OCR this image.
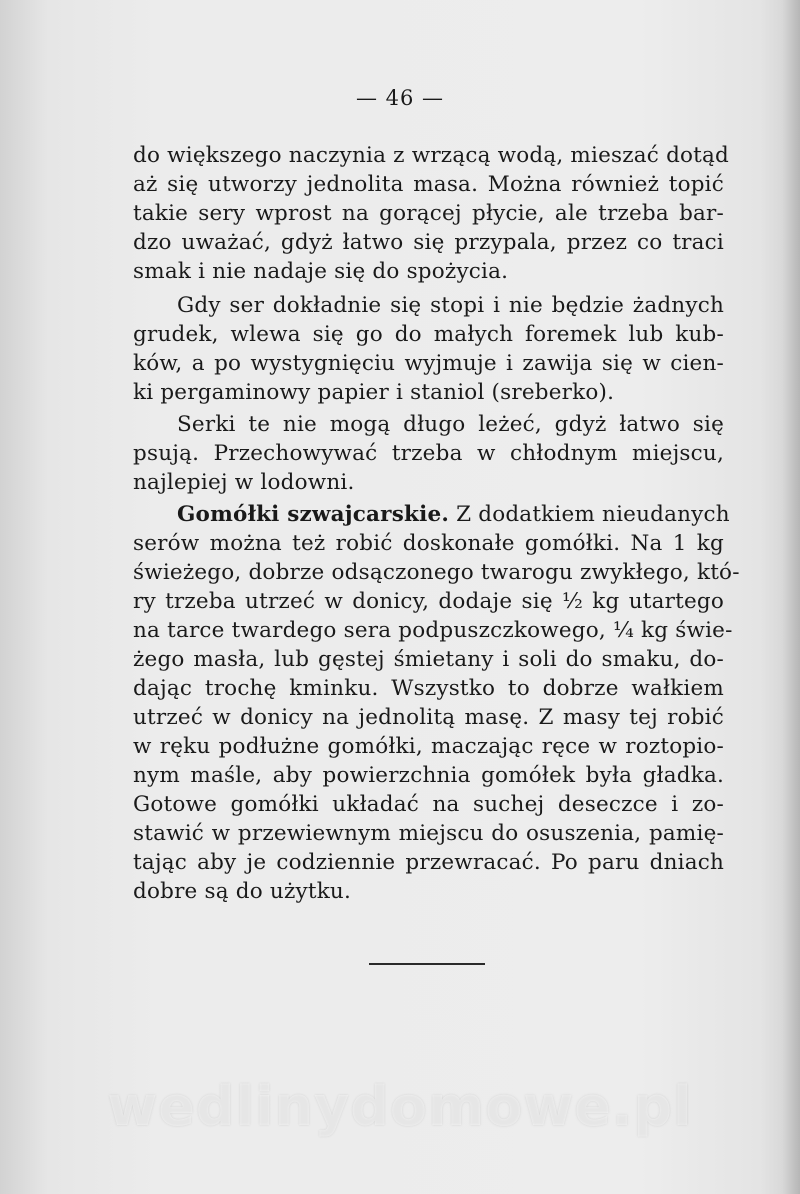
— 46 —
do większego naczynia z wrzącą wodą, mieszać dotąd
aż się utworzy jednolita masa. Można również topić
takie sery wprost na gorącej płycie, ale trzeba bar-
dzo uważać, gdyż łatwo się przypala, przez co traci
smak i nie nadaje się do spożycia.
Gdy ser dokładnie się stopi i nie będzie żadnych
grudek, wlewa się go do małych foremek lub kub-
ków, a po wystygnięciu wyjmuje i zawija się w cien-
ki pergaminowy papier i staniol (sreberko).
Serki te nie mogą długo leżeć, gdyż łatwo się
psują. Przechowywać trzeba w chłodnym miejscu,
najlepiej w lodowni.
Gomółki szwajcarskie. Z dodatkiem nieudanych
serów można też robić doskonałe gomółki. Na 1 kg
świeżego, dobrze odsączonego twarogu zwykłego, któ-
ry trzeba utrzeć w donicy, dodaje się ½ kg utartego
na tarce twardego sera podpuszczkowego, ¼ kg świe-
żego masła, lub gęstej śmietany i soli do smaku, do-
dając trochę kminku. Wszystko to dobrze wałkiem
utrzeć w donicy na jednolitą masę. Z masy tej robić
w ręku podłużne gomółki, maczając ręce w roztopio-
nym maśle, aby powierzchnia gomółek była gładka.
Gotowe gomółki układać na suchej deseczce i zo-
stawić w przewiewnym miejscu do osuszenia, pamię-
tając aby je codziennie przewracać. Po paru dniach
dobre są do użytku.
wedlinydomowe.pl
